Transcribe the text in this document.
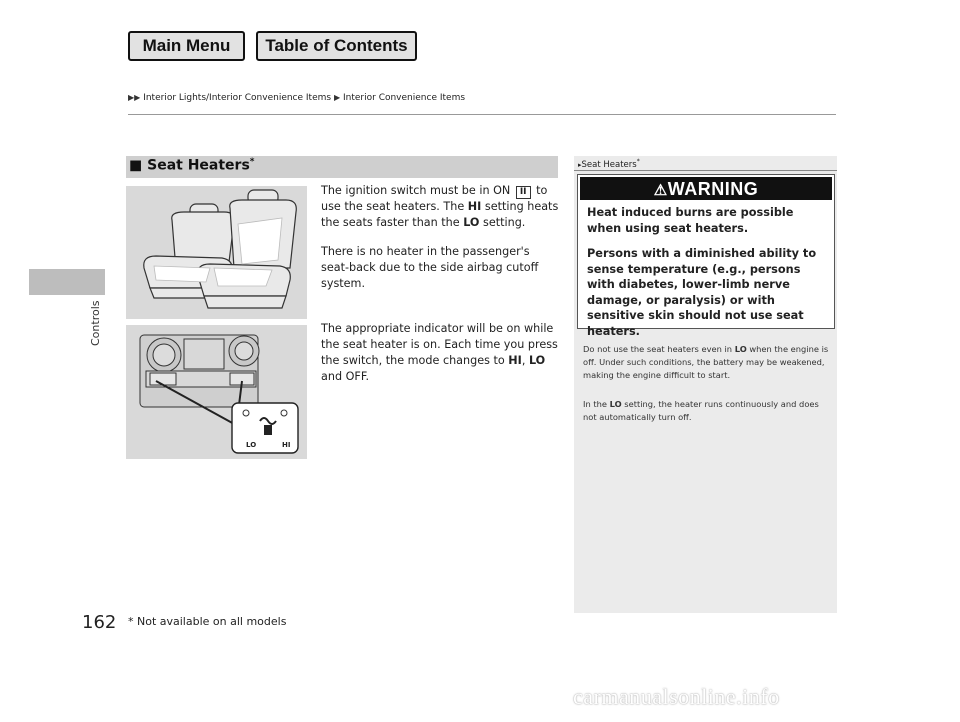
Main Menu	Table of Contents
▶▶ Interior Lights/Interior Convenience Items ▶ Interior Convenience Items
Controls
■ Seat Heaters*
LO	HI
The ignition switch must be in ON II to use the seat heaters. The HI setting heats the seats faster than the LO setting.
There is no heater in the passenger's seat-back due to the side airbag cutoff system.
The appropriate indicator will be on while the seat heater is on. Each time you press the switch, the mode changes to HI, LO and OFF.
▸Seat Heaters*
⚠WARNING
Heat induced burns are possible when using seat heaters.
Persons with a diminished ability to sense temperature (e.g., persons with diabetes, lower-limb nerve damage, or paralysis) or with sensitive skin should not use seat heaters.
Do not use the seat heaters even in LO when the engine is off. Under such conditions, the battery may be weakened, making the engine difficult to start.
In the LO setting, the heater runs continuously and does not automatically turn off.
162 * Not available on all models
carmanualsonline.info
